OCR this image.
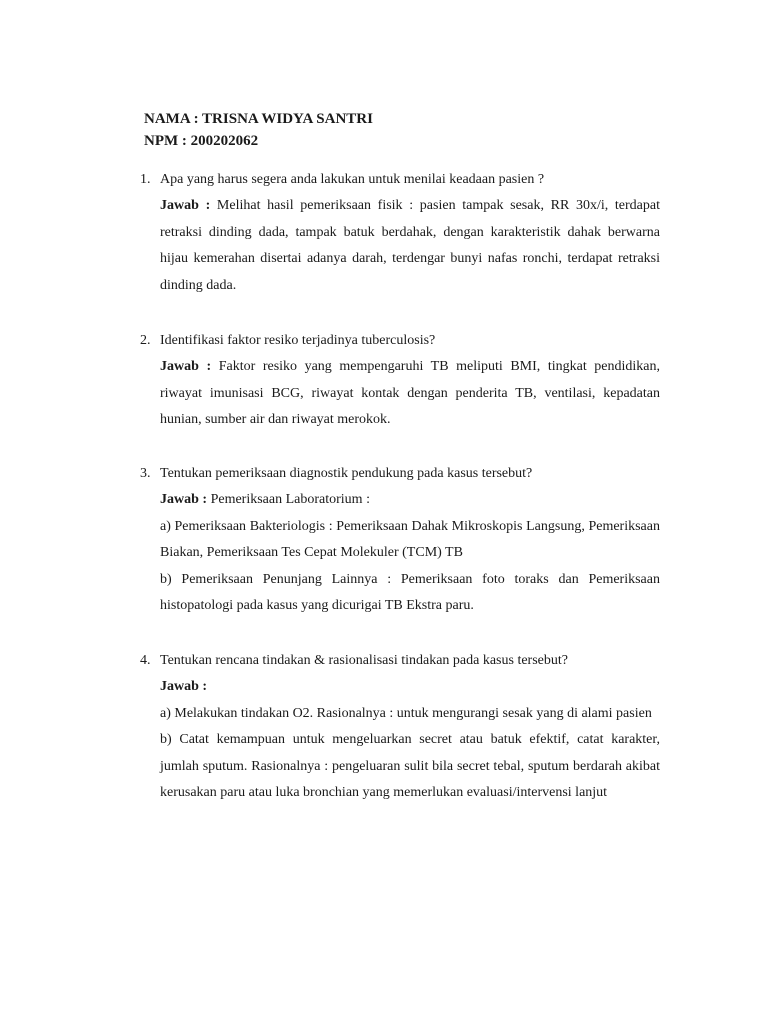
NAMA : TRISNA WIDYA SANTRI
NPM : 200202062
1. Apa yang harus segera anda lakukan untuk menilai keadaan pasien ?

Jawab : Melihat hasil pemeriksaan fisik : pasien tampak sesak, RR 30x/i, terdapat retraksi dinding dada, tampak batuk berdahak, dengan karakteristik dahak berwarna hijau kemerahan disertai adanya darah, terdengar bunyi nafas ronchi, terdapat retraksi dinding dada.

2. Identifikasi faktor resiko terjadinya tuberculosis?

Jawab : Faktor resiko yang mempengaruhi TB meliputi BMI, tingkat pendidikan, riwayat imunisasi BCG, riwayat kontak dengan penderita TB, ventilasi, kepadatan hunian, sumber air dan riwayat merokok.

3. Tentukan pemeriksaan diagnostik pendukung pada kasus tersebut?

Jawab : Pemeriksaan Laboratorium :

a) Pemeriksaan Bakteriologis : Pemeriksaan Dahak Mikroskopis Langsung, Pemeriksaan Biakan, Pemeriksaan Tes Cepat Molekuler (TCM) TB

b) Pemeriksaan Penunjang Lainnya : Pemeriksaan foto toraks dan Pemeriksaan histopatologi pada kasus yang dicurigai TB Ekstra paru.

4. Tentukan rencana tindakan & rasionalisasi tindakan pada kasus tersebut?

Jawab :

a) Melakukan tindakan O2. Rasionalnya : untuk mengurangi sesak yang di alami pasien

b) Catat kemampuan untuk mengeluarkan secret atau batuk efektif, catat karakter, jumlah sputum. Rasionalnya : pengeluaran sulit bila secret tebal, sputum berdarah akibat kerusakan paru atau luka bronchian yang memerlukan evaluasi/intervensi lanjut
